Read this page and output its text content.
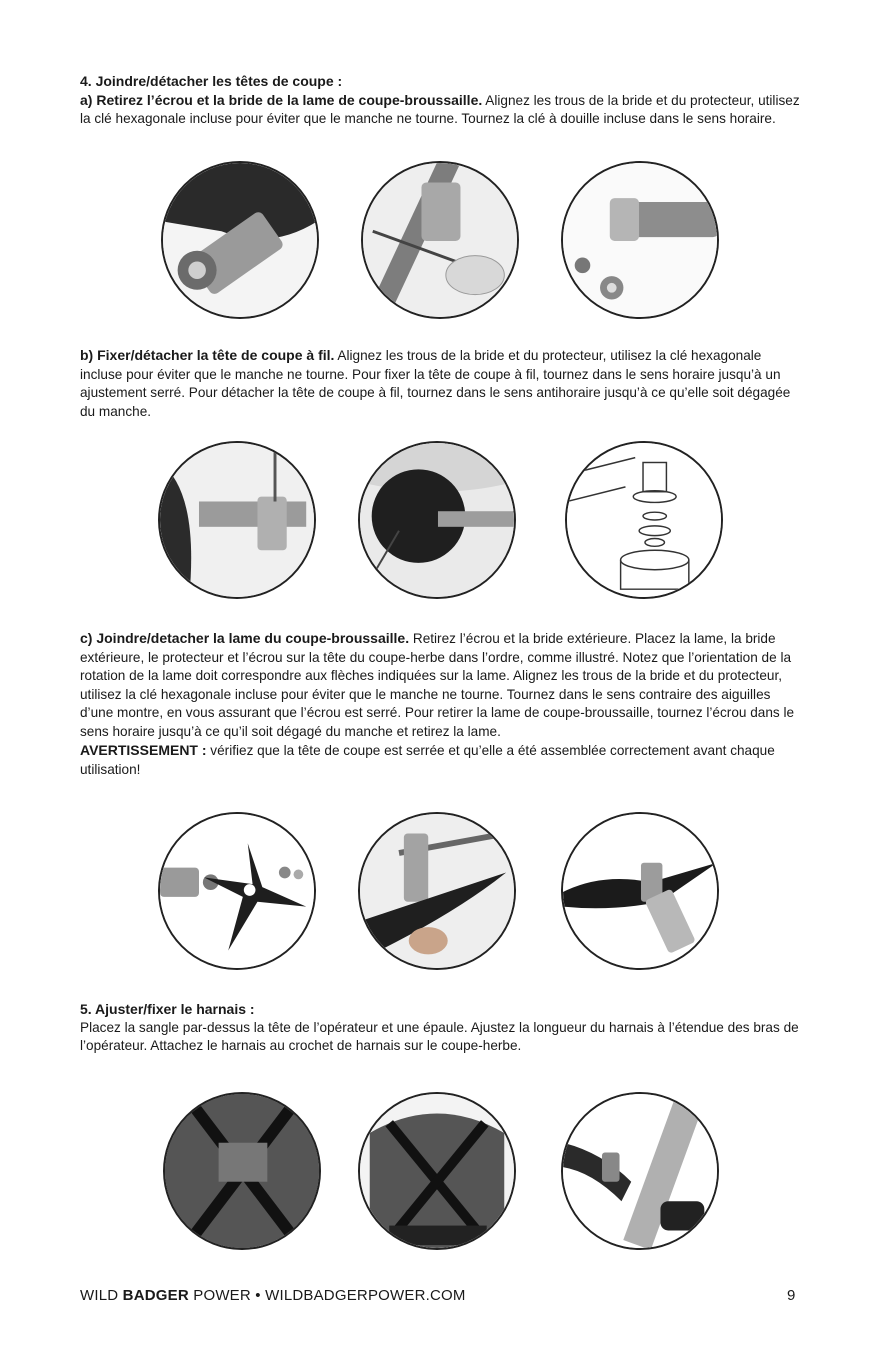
4. Joindre/détacher les têtes de coupe :

a) Retirez l’écrou et la bride de la lame de coupe-broussaille. Alignez les trous de la bride et du protecteur, utilisez la clé hexagonale incluse pour éviter que le manche ne tourne. Tournez la clé à douille incluse dans le sens horaire.

b) Fixer/détacher la tête de coupe à fil. Alignez les trous de la bride et du protecteur, utilisez la clé hexagonale incluse pour éviter que le manche ne tourne. Pour fixer la tête de coupe à fil, tournez dans le sens horaire jusqu’à un ajustement serré. Pour détacher la tête de coupe à fil, tournez dans le sens antihoraire jusqu’à ce qu’elle soit dégagée du manche.

c) Joindre/detacher la lame du coupe-broussaille. Retirez l’écrou et la bride extérieure. Placez la lame, la bride extérieure, le protecteur et l’écrou sur la tête du coupe-herbe dans l’ordre, comme illustré. Notez que l’orientation de la rotation de la lame doit correspondre aux flèches indiquées sur la lame. Alignez les trous de la bride et du protecteur, utilisez la clé hexagonale incluse pour éviter que le manche ne tourne. Tournez dans le sens contraire des aiguilles d’une montre, en vous assurant que l’écrou est serré. Pour retirer la lame de coupe-broussaille, tournez l’écrou dans le sens horaire jusqu’à ce qu’il soit dégagé du manche et retirez la lame.

AVERTISSEMENT : vérifiez que la tête de coupe est serrée et qu’elle a été assemblée correctement avant chaque utilisation!

5. Ajuster/fixer le harnais :

Placez la sangle par-dessus la tête de l’opérateur et une épaule. Ajustez la longueur du harnais à l’étendue des bras de l’opérateur. Attachez le harnais au crochet de harnais sur le coupe-herbe.

WILD BADGER POWER • WILDBADGERPOWER.COM	9
